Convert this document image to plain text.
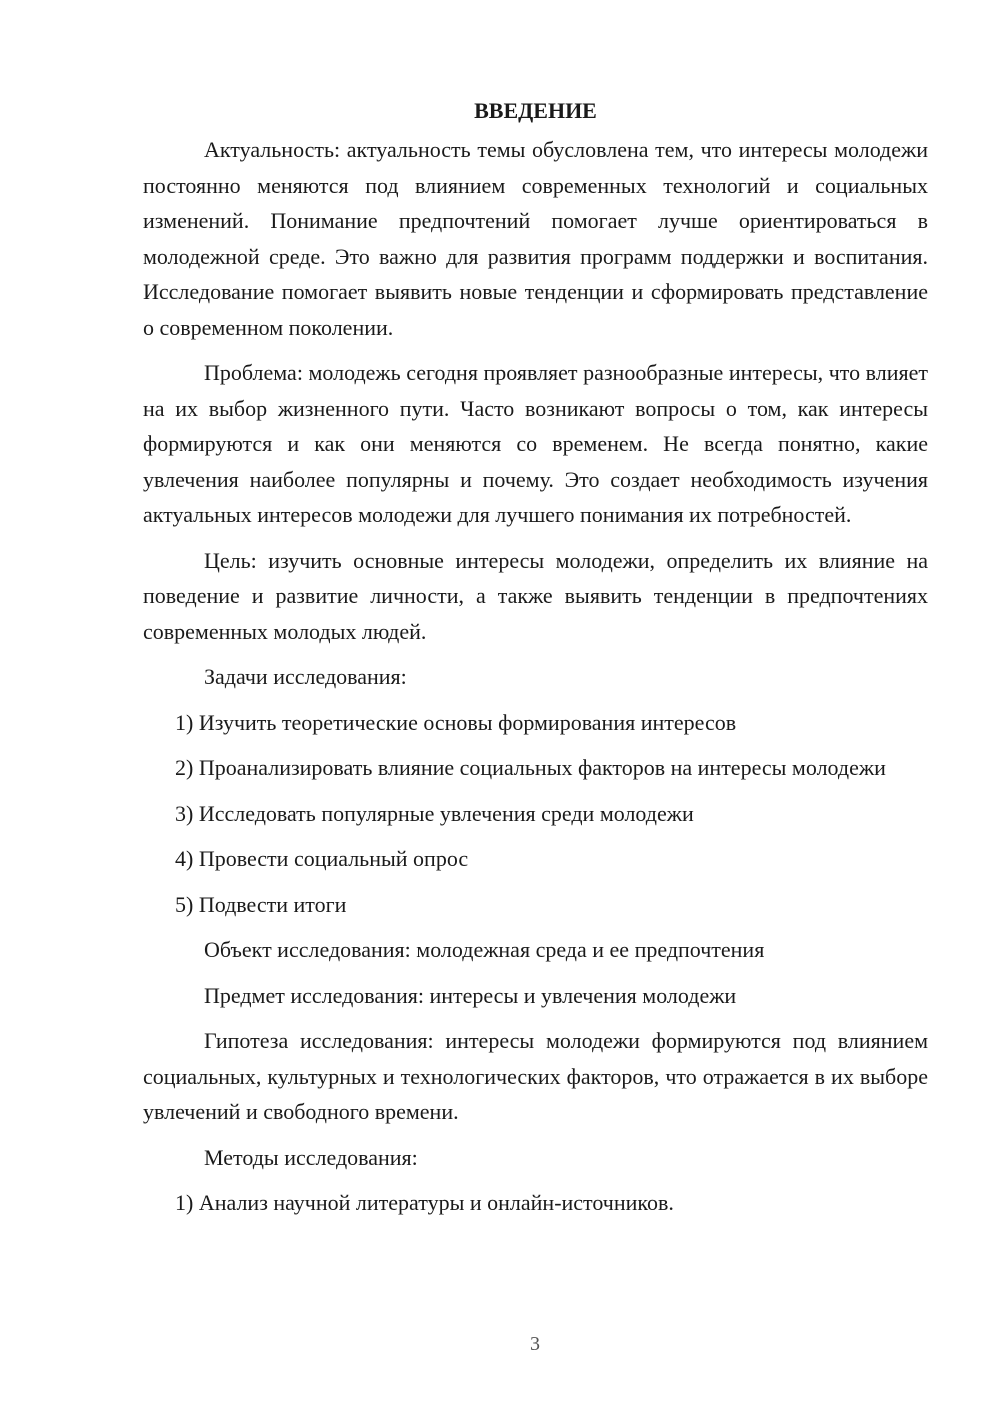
ВВЕДЕНИЕ

Актуальность: актуальность темы обусловлена тем, что интересы молодежи постоянно меняются под влиянием современных технологий и социальных изменений. Понимание предпочтений помогает лучше ориентироваться в молодежной среде. Это важно для развития программ поддержки и воспитания. Исследование помогает выявить новые тенденции и сформировать представление о современном поколении.

Проблема: молодежь сегодня проявляет разнообразные интересы, что влияет на их выбор жизненного пути. Часто возникают вопросы о том, как интересы формируются и как они меняются со временем. Не всегда понятно, какие увлечения наиболее популярны и почему. Это создает необходимость изучения актуальных интересов молодежи для лучшего понимания их потребностей.

Цель: изучить основные интересы молодежи, определить их влияние на поведение и развитие личности, а также выявить тенденции в предпочтениях современных молодых людей.

Задачи исследования:

1) Изучить теоретические основы формирования интересов

2) Проанализировать влияние социальных факторов на интересы молодежи

3) Исследовать популярные увлечения среди молодежи

4) Провести социальный опрос

5) Подвести итоги

Объект исследования: молодежная среда и ее предпочтения

Предмет исследования: интересы и увлечения молодежи

Гипотеза исследования: интересы молодежи формируются под влиянием социальных, культурных и технологических факторов, что отражается в их выборе увлечений и свободного времени.

Методы исследования:

1) Анализ научной литературы и онлайн-источников.

3
